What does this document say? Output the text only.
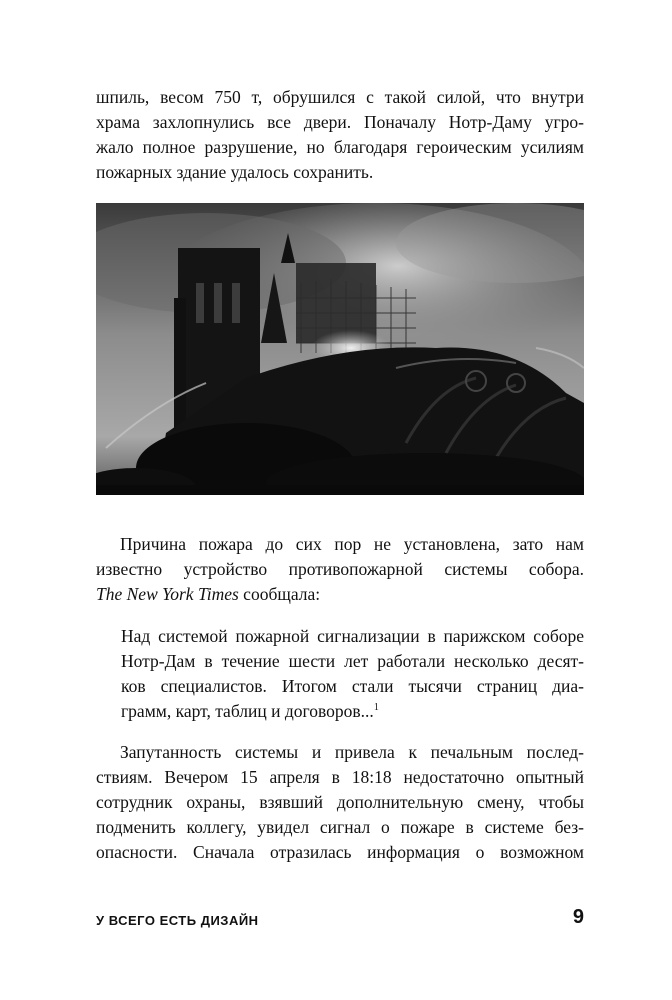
шпиль, весом 750 т, обрушился с такой силой, что внутри
храма захлопнулись все двери. Поначалу Нотр-Даму угро-
жало полное разрушение, но благодаря героическим усилиям
пожарных здание удалось сохранить.
Причина пожара до сих пор не установлена, зато нам
известно устройство противопожарной системы собора.
The New York Times сообщала:
Над системой пожарной сигнализации в парижском соборе
Нотр-Дам в течение шести лет работали несколько десят-
ков специалистов. Итогом стали тысячи страниц диа-
грамм, карт, таблиц и договоров...$^1$
Запутанность системы и привела к печальным послед-
ствиям. Вечером 15 апреля в 18:18 недостаточно опытный
сотрудник охраны, взявший дополнительную смену, чтобы
подменить коллегу, увидел сигнал о пожаре в системе без-
опасности. Сначала отразилась информация о возможном
У ВСЕГО ЕСТЬ ДИЗАЙН	9
